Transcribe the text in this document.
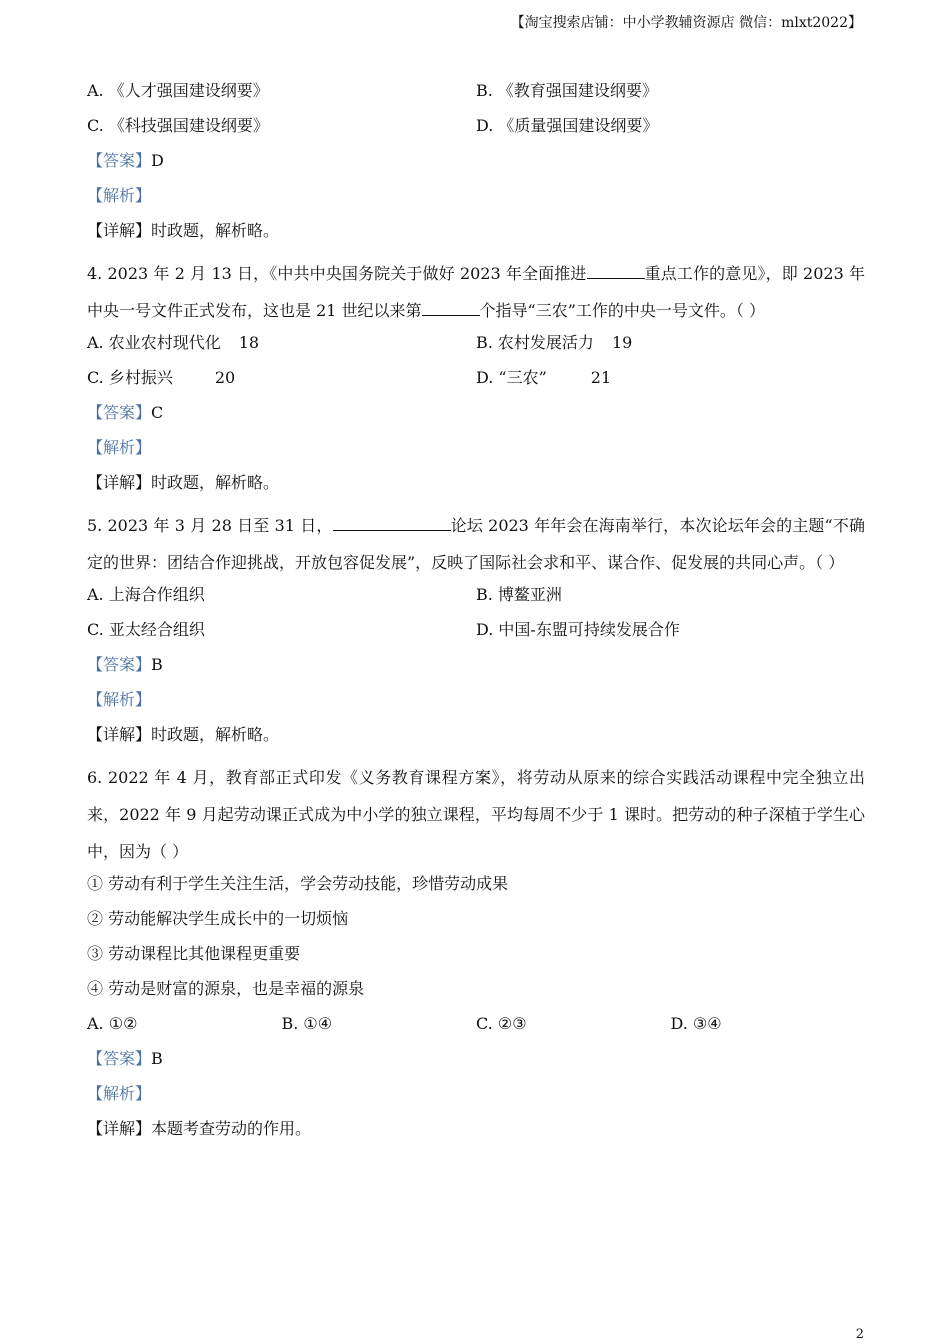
【淘宝搜索店铺：中小学教辅资源店 微信：mlxt2022】
A. 《人才强国建设纲要》	B. 《教育强国建设纲要》
C. 《科技强国建设纲要》	D. 《质量强国建设纲要》
【答案】D
【解析】
【详解】时政题，解析略。
4. 2023 年 2 月 13 日，《中共中央国务院关于做好 2023 年全面推进	重点工作的意见》，即 2023 年中央一号文件正式发布，这也是 21 世纪以来第	个指导“三农”工作的中央一号文件。（ ）
A. 农业农村现代化 18	B. 农村发展活力 19
C. 乡村振兴	20	D. “三农”	21
【答案】C
【解析】
【详解】时政题，解析略。
5. 2023 年 3 月 28 日至 31 日，	论坛 2023 年年会在海南举行，本次论坛年会的主题“不确定的世界：团结合作迎挑战，开放包容促发展”，反映了国际社会求和平、谋合作、促发展的共同心声。（ ）
A. 上海合作组织	B. 博鳌亚洲
C. 亚太经合组织	D. 中国-东盟可持续发展合作
【答案】B
【解析】
【详解】时政题，解析略。
6. 2022 年 4 月，教育部正式印发《义务教育课程方案》，将劳动从原来的综合实践活动课程中完全独立出来，2022 年 9 月起劳动课正式成为中小学的独立课程，平均每周不少于 1 课时。把劳动的种子深植于学生心中，因为（ ）
① 劳动有利于学生关注生活，学会劳动技能，珍惜劳动成果
② 劳动能解决学生成长中的一切烦恼
③ 劳动课程比其他课程更重要
④ 劳动是财富的源泉，也是幸福的源泉
A. ①②	B. ①④	C. ②③	D. ③④
【答案】B
【解析】
【详解】本题考查劳动的作用。
2
